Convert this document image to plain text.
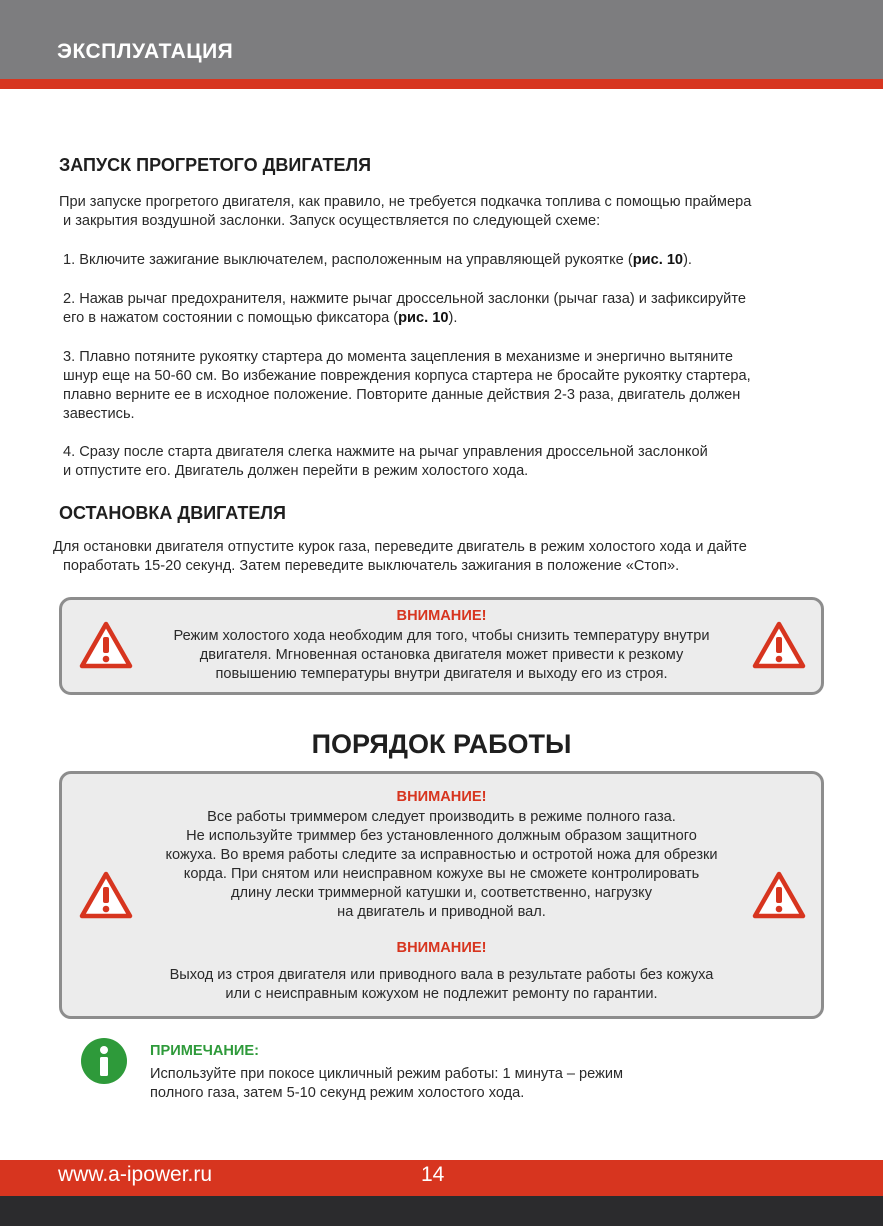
ЭКСПЛУАТАЦИЯ
ЗАПУСК ПРОГРЕТОГО ДВИГАТЕЛЯ
При запуске прогретого двигателя, как правило, не требуется подкачка топлива с помощью праймера
и закрытия воздушной заслонки. Запуск осуществляется по следующей схеме:
1. Включите зажигание выключателем, расположенным на управляющей рукоятке (рис. 10).
2. Нажав рычаг предохранителя, нажмите рычаг дроссельной заслонки (рычаг газа) и зафиксируйте
его в нажатом состоянии с помощью фиксатора (рис. 10).
3. Плавно потяните рукоятку стартера до момента зацепления в механизме и энергично вытяните
шнур еще на 50-60 см. Во избежание повреждения корпуса стартера не бросайте рукоятку стартера,
плавно верните ее в исходное положение. Повторите данные действия 2-3 раза, двигатель должен
завестись.
4. Сразу после старта двигателя слегка нажмите на рычаг управления дроссельной заслонкой
и отпустите его. Двигатель должен перейти в режим холостого хода.
ОСТАНОВКА ДВИГАТЕЛЯ
Для остановки двигателя отпустите курок газа, переведите двигатель в режим холостого хода и дайте
поработать 15-20 секунд. Затем переведите выключатель зажигания в положение «Стоп».
ВНИМАНИЕ!
Режим холостого хода необходим для того, чтобы снизить температуру внутри
двигателя. Мгновенная остановка двигателя может привести к резкому
повышению температуры внутри двигателя и выходу его из строя.
ПОРЯДОК РАБОТЫ
ВНИМАНИЕ!
Все работы триммером следует производить в режиме полного газа.
Не используйте триммер без установленного должным образом защитного
кожуха. Во время работы следите за исправностью и остротой ножа для обрезки
корда. При снятом или неисправном кожухе вы не сможете контролировать
длину лески триммерной катушки и, соответственно, нагрузку
на двигатель и приводной вал.
ВНИМАНИЕ!
Выход из строя двигателя или приводного вала в результате работы без кожуха
или с неисправным кожухом не подлежит ремонту по гарантии.
ПРИМЕЧАНИЕ:
Используйте при покосе цикличный режим работы: 1 минута – режим
полного газа, затем 5-10 секунд режим холостого хода.
www.a-ipower.ru	14
